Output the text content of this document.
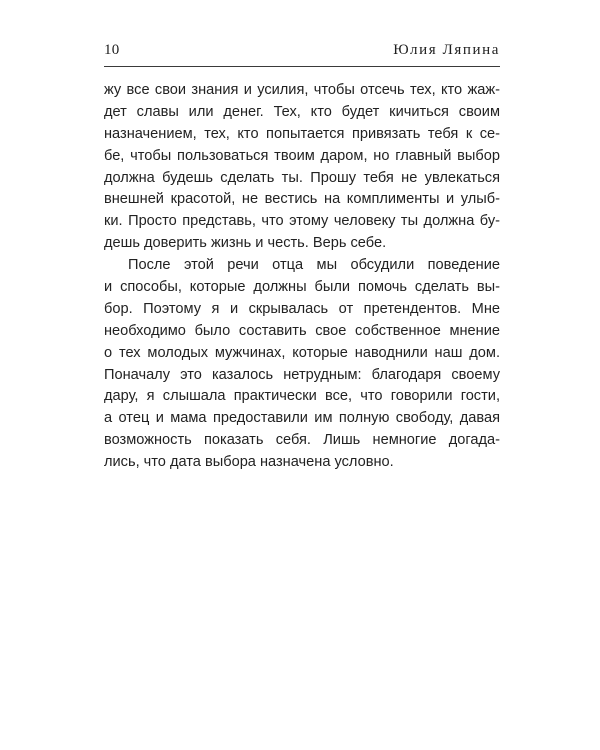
10	Юлия Ляпина
жу все свои знания и усилия, чтобы отсечь тех, кто жаж-
дет славы или денег. Тех, кто будет кичиться своим
назначением, тех, кто попытается привязать тебя к се-
бе, чтобы пользоваться твоим даром, но главный выбор
должна будешь сделать ты. Прошу тебя не увлекаться
внешней красотой, не вестись на комплименты и улыб-
ки. Просто представь, что этому человеку ты должна бу-
дешь доверить жизнь и честь. Верь себе.
После этой речи отца мы обсудили поведение
и способы, которые должны были помочь сделать вы-
бор. Поэтому я и скрывалась от претендентов. Мне
необходимо было составить свое собственное мнение
о тех молодых мужчинах, которые наводнили наш дом.
Поначалу это казалось нетрудным: благодаря своему
дару, я слышала практически все, что говорили гости,
а отец и мама предоставили им полную свободу, давая
возможность показать себя. Лишь немногие догада-
лись, что дата выбора назначена условно.
